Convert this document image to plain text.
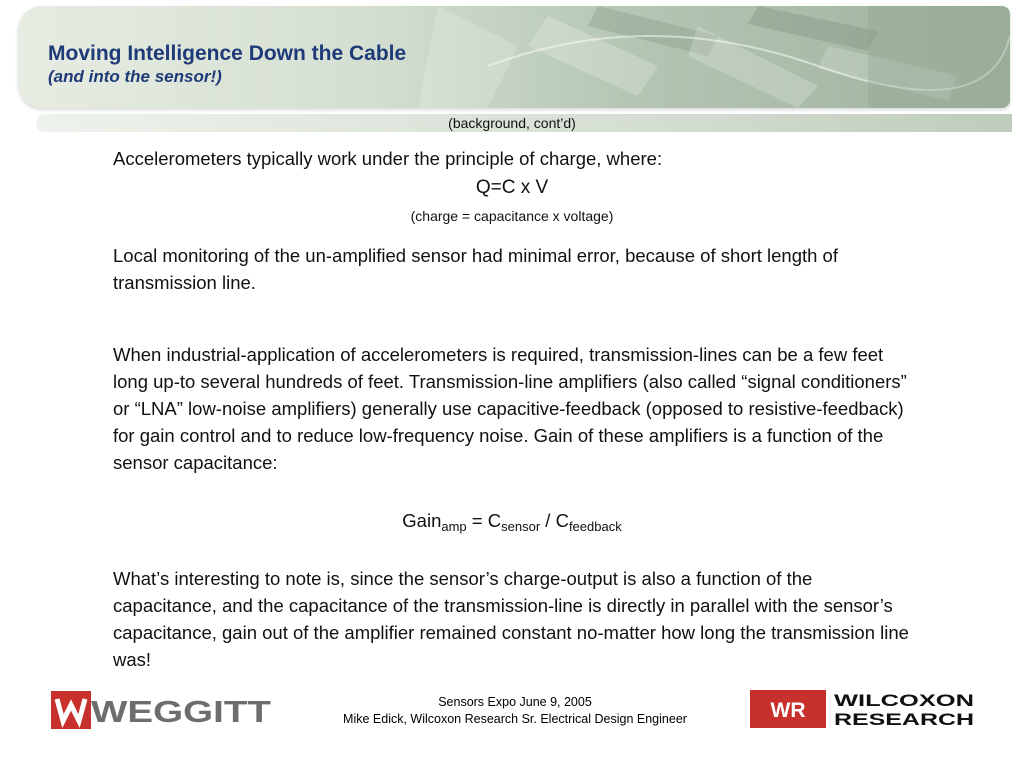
Moving Intelligence Down the Cable
(and into the sensor!)
(background, cont’d)

Accelerometers typically work under the principle of charge, where:

Q=C x V

(charge = capacitance x voltage)

Local monitoring of the un-amplified sensor had minimal error, because of short length of transmission line.

When industrial-application of accelerometers is required, transmission-lines can be a few feet long up-to several hundreds of feet. Transmission-line amplifiers (also called “signal conditioners” or “LNA” low-noise amplifiers) generally use capacitive-feedback (opposed to resistive-feedback) for gain control and to reduce low-frequency noise. Gain of these amplifiers is a function of the sensor capacitance:

Gain$_{amp}$ = $C_{sensor} / C_{feedback}$

What’s interesting to note is, since the sensor’s charge-output is also a function of the capacitance, and the capacitance of the transmission-line is directly in parallel with the sensor’s capacitance, gain out of the amplifier remained constant no-matter how long the transmission line was!

WEGGITT	Sensors Expo June 9, 2005
Mike Edick, Wilcoxon Research Sr. Electrical Design Engineer	WR WILCOXON
RESEARCH
